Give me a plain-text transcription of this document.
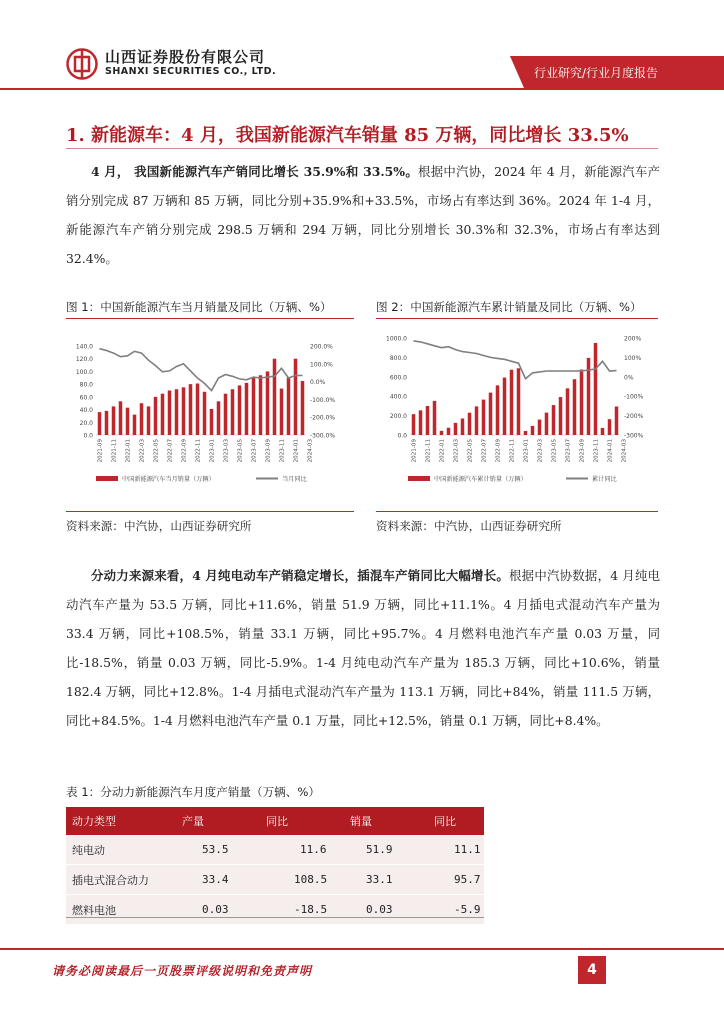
山西证券股份有限公司
SHANXI SECURITIES CO., LTD.	行业研究/行业月度报告
1. 新能源车：4 月，我国新能源汽车销量 85 万辆，同比增长 33.5%
4 月， 我国新能源汽车产销同比增长 35.9%和 33.5%。根据中汽协，2024 年 4 月，新能源汽车产销分别完成 87 万辆和 85 万辆，同比分别+35.9%和+33.5%，市场占有率达到 36%。2024 年 1-4 月，新能源汽车产销分别完成 298.5 万辆和 294 万辆，同比分别增长 30.3%和 32.3%，市场占有率达到 32.4%。
图 1：中国新能源汽车当月销量及同比（万辆、%）	图 2：中国新能源汽车累计销量及同比（万辆、%）
0.0
20.0
40.0
60.0
80.0
100.0
120.0
140.0
-300.0%
-200.0%
-100.0%
0.0%
100.0%
200.0%
2021-09 2021-11 2022-01 2022-03 2022-05 2022-07 2022-09 2022-11 2023-01 2023-03 2023-05 2023-07 2023-09 2023-11 2024-01 2024-03
中国新能源汽车当月销量（万辆）	当月同比
0.0
200.0
400.0
600.0
800.0
1000.0
-300%
-200%
-100%
0%
100%
200%
2021-09 2021-11 2022-01 2022-03 2022-05 2022-07 2022-09 2022-11 2023-01 2023-03 2023-05 2023-07 2023-09 2023-11 2024-01 2024-03
中国新能源汽车累计销量（万辆）	累计同比
资料来源：中汽协，山西证券研究所	资料来源：中汽协，山西证券研究所
分动力来源来看，4 月纯电动车产销稳定增长，插混车产销同比大幅增长。根据中汽协数据，4 月纯电动汽车产量为 53.5 万辆，同比+11.6%，销量 51.9 万辆，同比+11.1%。4 月插电式混动汽车产量为 33.4 万辆，同比+108.5%，销量 33.1 万辆，同比+95.7%。4 月燃料电池汽车产量 0.03 万量，同比-18.5%，销量 0.03 万辆，同比-5.9%。1-4 月纯电动汽车产量为 185.3 万辆，同比+10.6%，销量 182.4 万辆，同比+12.8%。1-4 月插电式混动汽车产量为 113.1 万辆，同比+84%，销量 111.5 万辆，同比+84.5%。1-4 月燃料电池汽车产量 0.1 万量，同比+12.5%，销量 0.1 万辆，同比+8.4%。
表 1：分动力新能源汽车月度产销量（万辆、%）
动力类型	产量	同比	销量	同比
纯电动	53.5	11.6	51.9	11.1
插电式混合动力	33.4	108.5	33.1	95.7
燃料电池	0.03	-18.5	0.03	-5.9
请务必阅读最后一页股票评级说明和免责声明	4
